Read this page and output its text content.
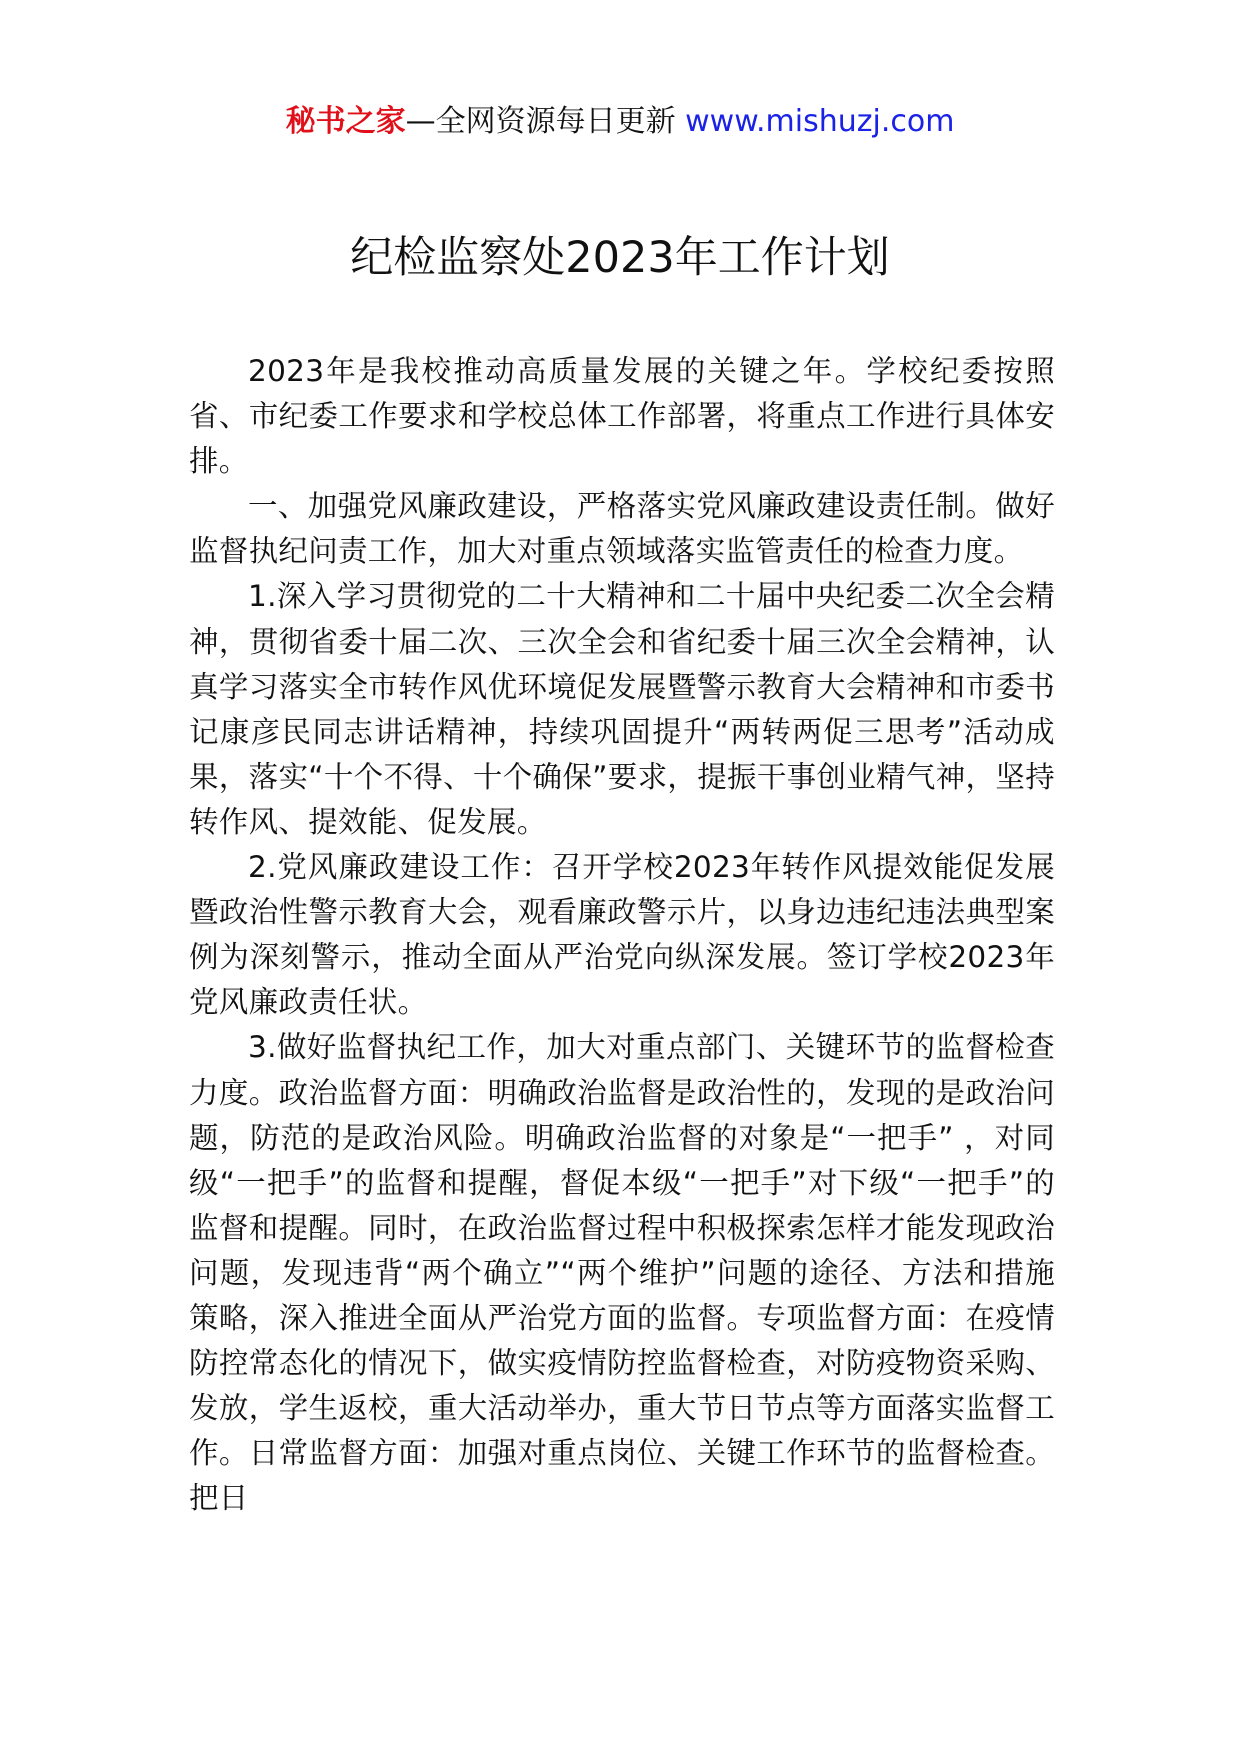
秘书之家—全网资源每日更新 www.mishuzj.com
纪检监察处2023年工作计划

2023年是我校推动高质量发展的关键之年。学校纪委按照省、市纪委工作要求和学校总体工作部署，将重点工作进行具体安排。

一、加强党风廉政建设，严格落实党风廉政建设责任制。做好监督执纪问责工作，加大对重点领域落实监管责任的检查力度。

1.深入学习贯彻党的二十大精神和二十届中央纪委二次全会精神，贯彻省委十届二次、三次全会和省纪委十届三次全会精神，认真学习落实全市转作风优环境促发展暨警示教育大会精神和市委书记康彦民同志讲话精神，持续巩固提升“两转两促三思考”活动成果，落实“十个不得、十个确保”要求，提振干事创业精气神，坚持转作风、提效能、促发展。

2.党风廉政建设工作：召开学校2023年转作风提效能促发展暨政治性警示教育大会，观看廉政警示片，以身边违纪违法典型案例为深刻警示，推动全面从严治党向纵深发展。签订学校2023年党风廉政责任状。

3.做好监督执纪工作，加大对重点部门、关键环节的监督检查力度。政治监督方面：明确政治监督是政治性的，发现的是政治问题，防范的是政治风险。明确政治监督的对象是“一把手” ，对同级“一把手”的监督和提醒，督促本级“一把手”对下级“一把手”的监督和提醒。同时，在政治监督过程中积极探索怎样才能发现政治问题，发现违背“两个确立”“两个维护”问题的途径、方法和措施策略，深入推进全面从严治党方面的监督。专项监督方面：在疫情防控常态化的情况下，做实疫情防控监督检查，对防疫物资采购、发放，学生返校，重大活动举办，重大节日节点等方面落实监督工作。日常监督方面：加强对重点岗位、关键工作环节的监督检查。把日
